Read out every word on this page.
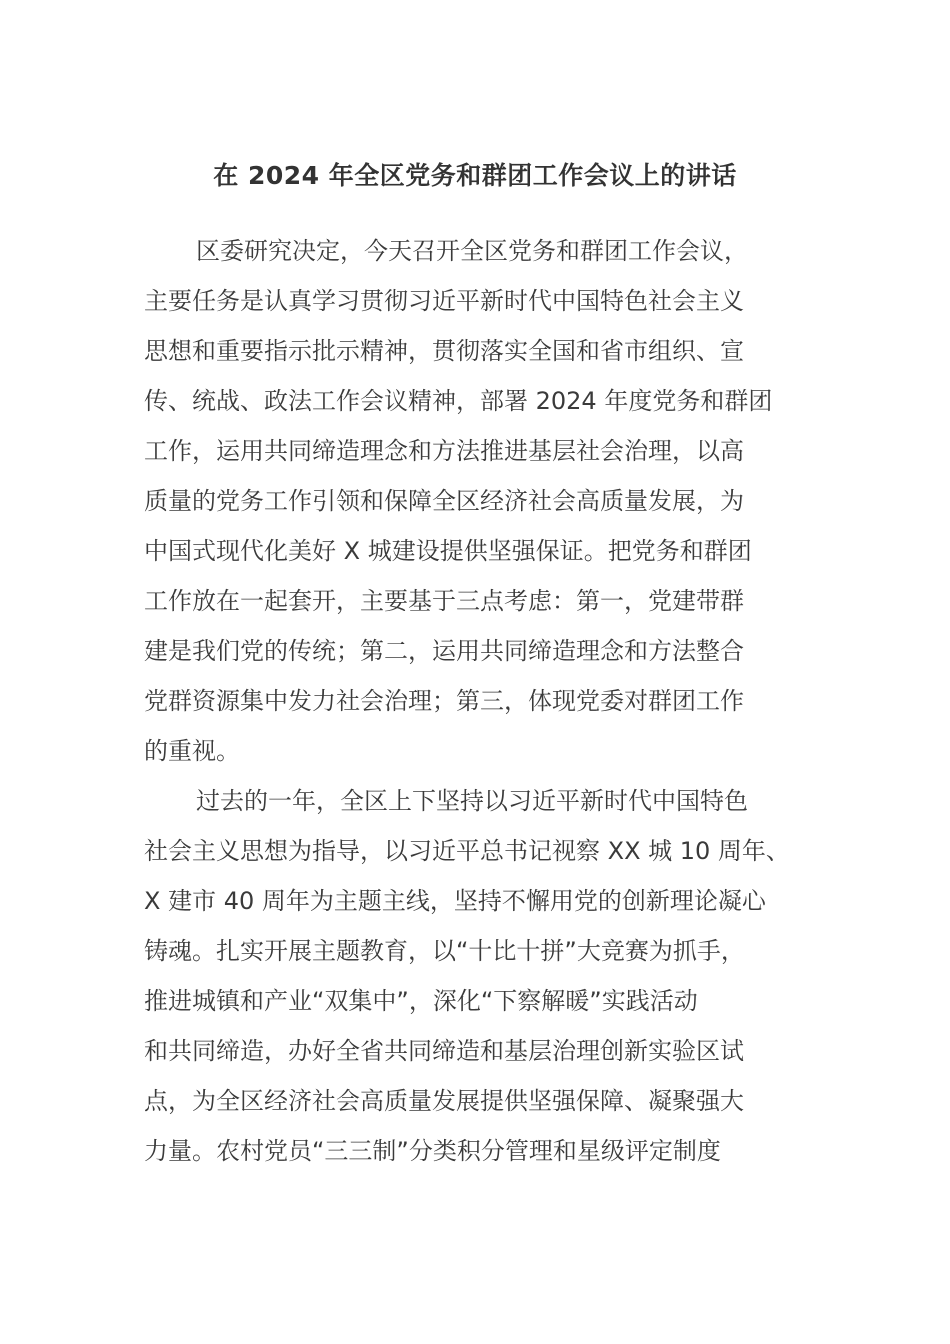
在 2024 年全区党务和群团工作会议上的讲话
区委研究决定，今天召开全区党务和群团工作会议，
主要任务是认真学习贯彻习近平新时代中国特色社会主义
思想和重要指示批示精神，贯彻落实全国和省市组织、宣
传、统战、政法工作会议精神，部署 2024 年度党务和群团
工作，运用共同缔造理念和方法推进基层社会治理，以高
质量的党务工作引领和保障全区经济社会高质量发展，为
中国式现代化美好 X 城建设提供坚强保证。把党务和群团
工作放在一起套开，主要基于三点考虑：第一，党建带群
建是我们党的传统；第二，运用共同缔造理念和方法整合
党群资源集中发力社会治理；第三，体现党委对群团工作
的重视。
过去的一年，全区上下坚持以习近平新时代中国特色
社会主义思想为指导，以习近平总书记视察 XX 城 10 周年、
X 建市 40 周年为主题主线，坚持不懈用党的创新理论凝心
铸魂。扎实开展主题教育，以“十比十拼”大竞赛为抓手，
推进城镇和产业“双集中”，深化“下察解暖”实践活动
和共同缔造，办好全省共同缔造和基层治理创新实验区试
点，为全区经济社会高质量发展提供坚强保障、凝聚强大
力量。农村党员“三三制”分类积分管理和星级评定制度
